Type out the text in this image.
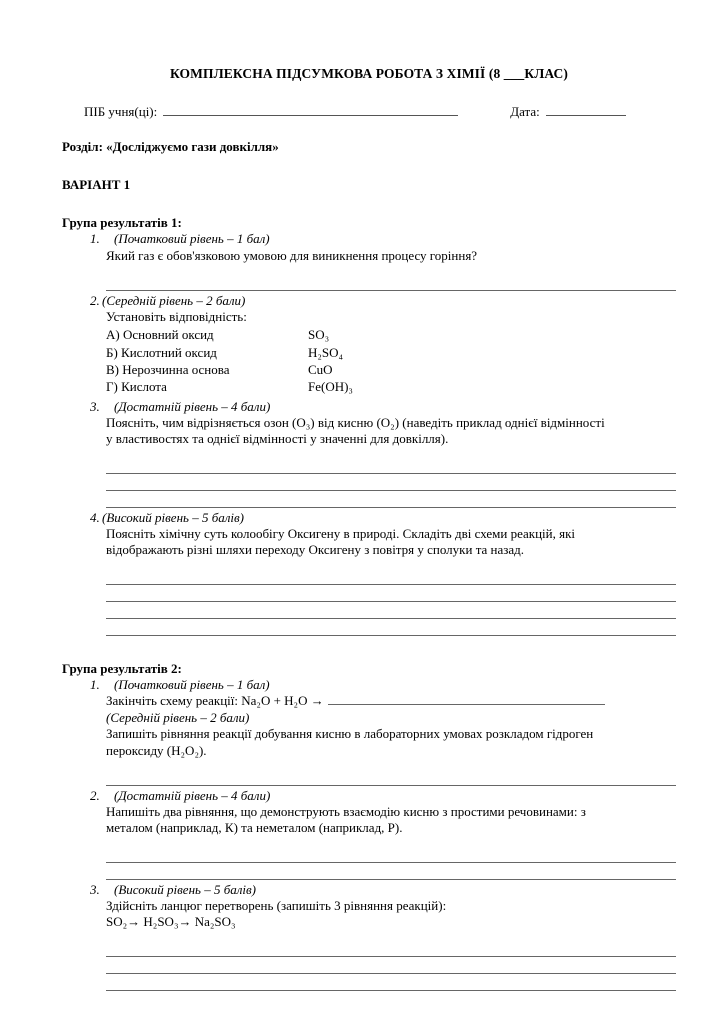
КОМПЛЕКСНА ПІДСУМКОВА РОБОТА З ХІМІЇ (8 ___КЛАС)
ПІБ учня(ці):	Дата:
Розділ: «Досліджуємо гази довкілля»
ВАРІАНТ 1
Група результатів 1:
1.	(Початковий рівень – 1 бал)
Який газ є обов'язковою умовою для виникнення процесу горіння?
2. (Середній рівень – 2 бали)
Установіть відповідність:
А) Основний оксид	SO₃
Б) Кислотний оксид	H₂SO₄
В) Нерозчинна основа	CuO
Г) Кислота	Fe(OH)₃
3.	(Достатній рівень – 4 бали)
Поясніть, чим відрізняється озон (O₃) від кисню (O₂) (наведіть приклад однієї відмінності
у властивостях та однієї відмінності у значенні для довкілля).
4. (Високий рівень – 5 балів)
Поясніть хімічну суть колообігу Оксигену в природі. Складіть дві схеми реакцій, які
відображають різні шляхи переходу Оксигену з повітря у сполуки та назад.
Група результатів 2:
1.	(Початковий рівень – 1 бал)
Закінчіть схему реакції: Na₂O + H₂O →
(Середній рівень – 2 бали)
Запишіть рівняння реакції добування кисню в лабораторних умовах розкладом гідроген
пероксиду (H₂O₂).
2.	(Достатній рівень – 4 бали)
Напишіть два рівняння, що демонструють взаємодію кисню з простими речовинами: з
металом (наприклад, К) та неметалом (наприклад, Р).
3.	(Високий рівень – 5 балів)
Здійсніть ланцюг перетворень (запишіть 3 рівняння реакцій):
SO₂→ H₂SO₃→ Na₂SO₃
